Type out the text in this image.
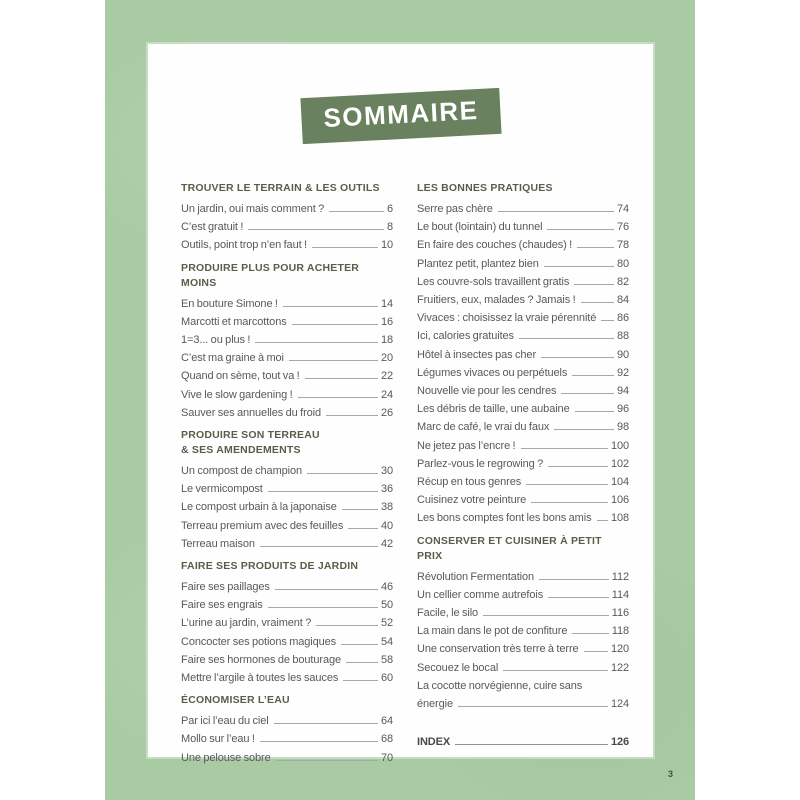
SOMMAIRE
TROUVER LE TERRAIN & LES OUTILS
Un jardin, oui mais comment ?	6
C’est gratuit !	8
Outils, point trop n’en faut !	10
PRODUIRE PLUS POUR ACHETER MOINS
En bouture Simone !	14
Marcotti et marcottons	16
1=3... ou plus !	18
C’est ma graine à moi	20
Quand on sème, tout va !	22
Vive le slow gardening !	24
Sauver ses annuelles du froid	26
PRODUIRE SON TERREAU
& SES AMENDEMENTS
Un compost de champion	30
Le vermicompost	36
Le compost urbain à la japonaise	38
Terreau premium avec des feuilles	40
Terreau maison	42
FAIRE SES PRODUITS DE JARDIN
Faire ses paillages	46
Faire ses engrais	50
L’urine au jardin, vraiment ?	52
Concocter ses potions magiques	54
Faire ses hormones de bouturage	58
Mettre l’argile à toutes les sauces	60
ÉCONOMISER L’EAU
Par ici l’eau du ciel	64
Mollo sur l’eau !	68
Une pelouse sobre	70
LES BONNES PRATIQUES
Serre pas chère	74
Le bout (lointain) du tunnel	76
En faire des couches (chaudes) !	78
Plantez petit, plantez bien	80
Les couvre-sols travaillent gratis	82
Fruitiers, eux, malades ? Jamais !	84
Vivaces : choisissez la vraie pérennité 86
Ici, calories gratuites	88
Hôtel à insectes pas cher	90
Légumes vivaces ou perpétuels	92
Nouvelle vie pour les cendres	94
Les débris de taille, une aubaine	96
Marc de café, le vrai du faux	98
Ne jetez pas l’encre !	100
Parlez-vous le regrowing ?	102
Récup en tous genres	104
Cuisinez votre peinture	106
Les bons comptes font les bons amis 108
CONSERVER ET CUISINER À PETIT PRIX
Révolution Fermentation	112
Un cellier comme autrefois	114
Facile, le silo	116
La main dans le pot de confiture	118
Une conservation très terre à terre	120
Secouez le bocal	122
La cocotte norvégienne, cuire sans
énergie	124
INDEX	126
3
